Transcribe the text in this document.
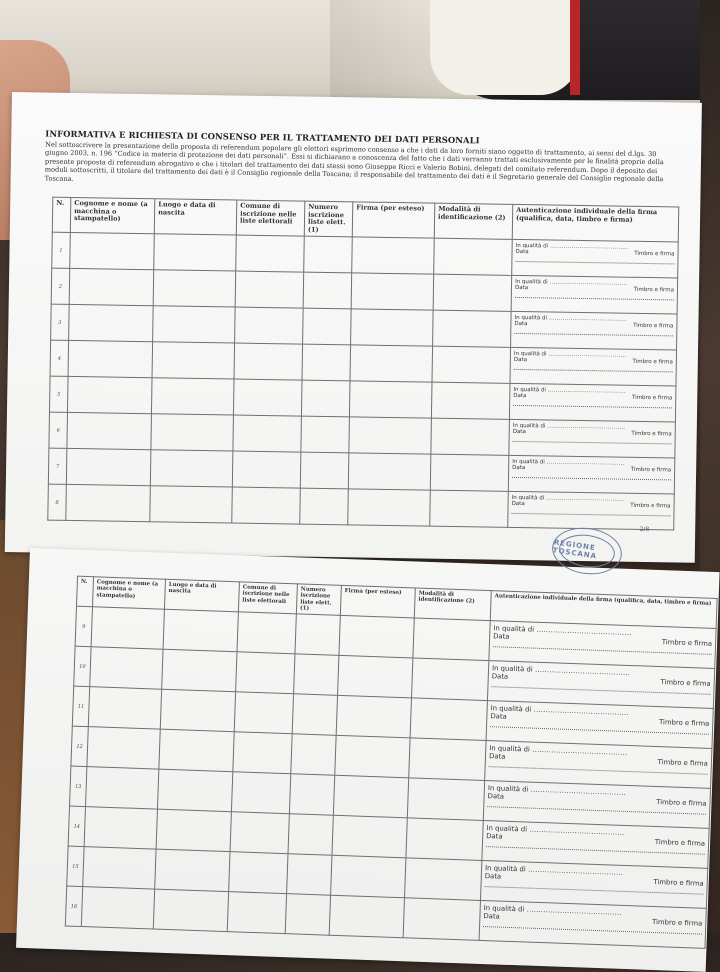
INFORMATIVA E RICHIESTA DI CONSENSO PER IL TRATTAMENTO DEI DATI PERSONALI
Nel sottoscrivere la presentazione della proposta di referendum popolare gli elettori esprimono consenso a che i dati da loro forniti siano oggetto di trattamento, ai sensi del d.lgs. 30 giugno 2003, n. 196 “Codice in materia di protezione dei dati personali”. Essi si dichiarano a conoscenza del fatto che i dati verranno trattati esclusivamente per le finalità proprie della presente proposta di referendum abrogativo e che i titolari del trattamento dei dati stessi sono Giuseppe Ricci e Valerio Bobini, delegati del comitato referendum. Dopo il deposito dei moduli sottoscritti, il titolare del trattamento dei dati è il Consiglio regionale della Toscana; il responsabile del trattamento dei dati è il Segretario generale del Consiglio regionale della Toscana.
N.	Cognome e nome (a macchina o stampatello)	Luogo e data di nascita	Comune di iscrizione nelle liste elettorali	Numero iscrizione liste elett.(1)	Firma (per esteso)	Modalità di identificazione (2)	Autenticazione individuale della firma (qualifica, data, timbro e firma)
1							In qualità di .....
Data Timbro e firma

2							In qualità di .....
Data Timbro e firma

3							In qualità di .....
Data Timbro e firma

4							In qualità di .....
Data Timbro e firma

5							In qualità di .....
Data Timbro e firma

6							In qualità di .....
Data Timbro e firma

7							In qualità di .....
Data Timbro e firma

8							In qualità di .....
Data Timbro e firma
2/8
N.	Cognome e nome (a macchina o stampatello)	Luogo e data di nascita	Comune di iscrizione nelle liste elettorali	Numero iscrizione liste elett.(1)	Firma (per esteso)	Modalità di identificazione (2)	Autenticazione individuale della firma (qualifica, data, timbro e firma)
9							In qualità di .....
Data
Timbro e firma

10							In qualità di .....
Data
Timbro e firma

11							In qualità di .....
Data
Timbro e firma

12							In qualità di .....
Data
Timbro e firma

13							In qualità di .....
Data
Timbro e firma

14							In qualità di .....
Data
Timbro e firma

15							In qualità di .....
Data
Timbro e firma

16							In qualità di .....
Data
Timbro e firma
REGIONE TOSCANA
